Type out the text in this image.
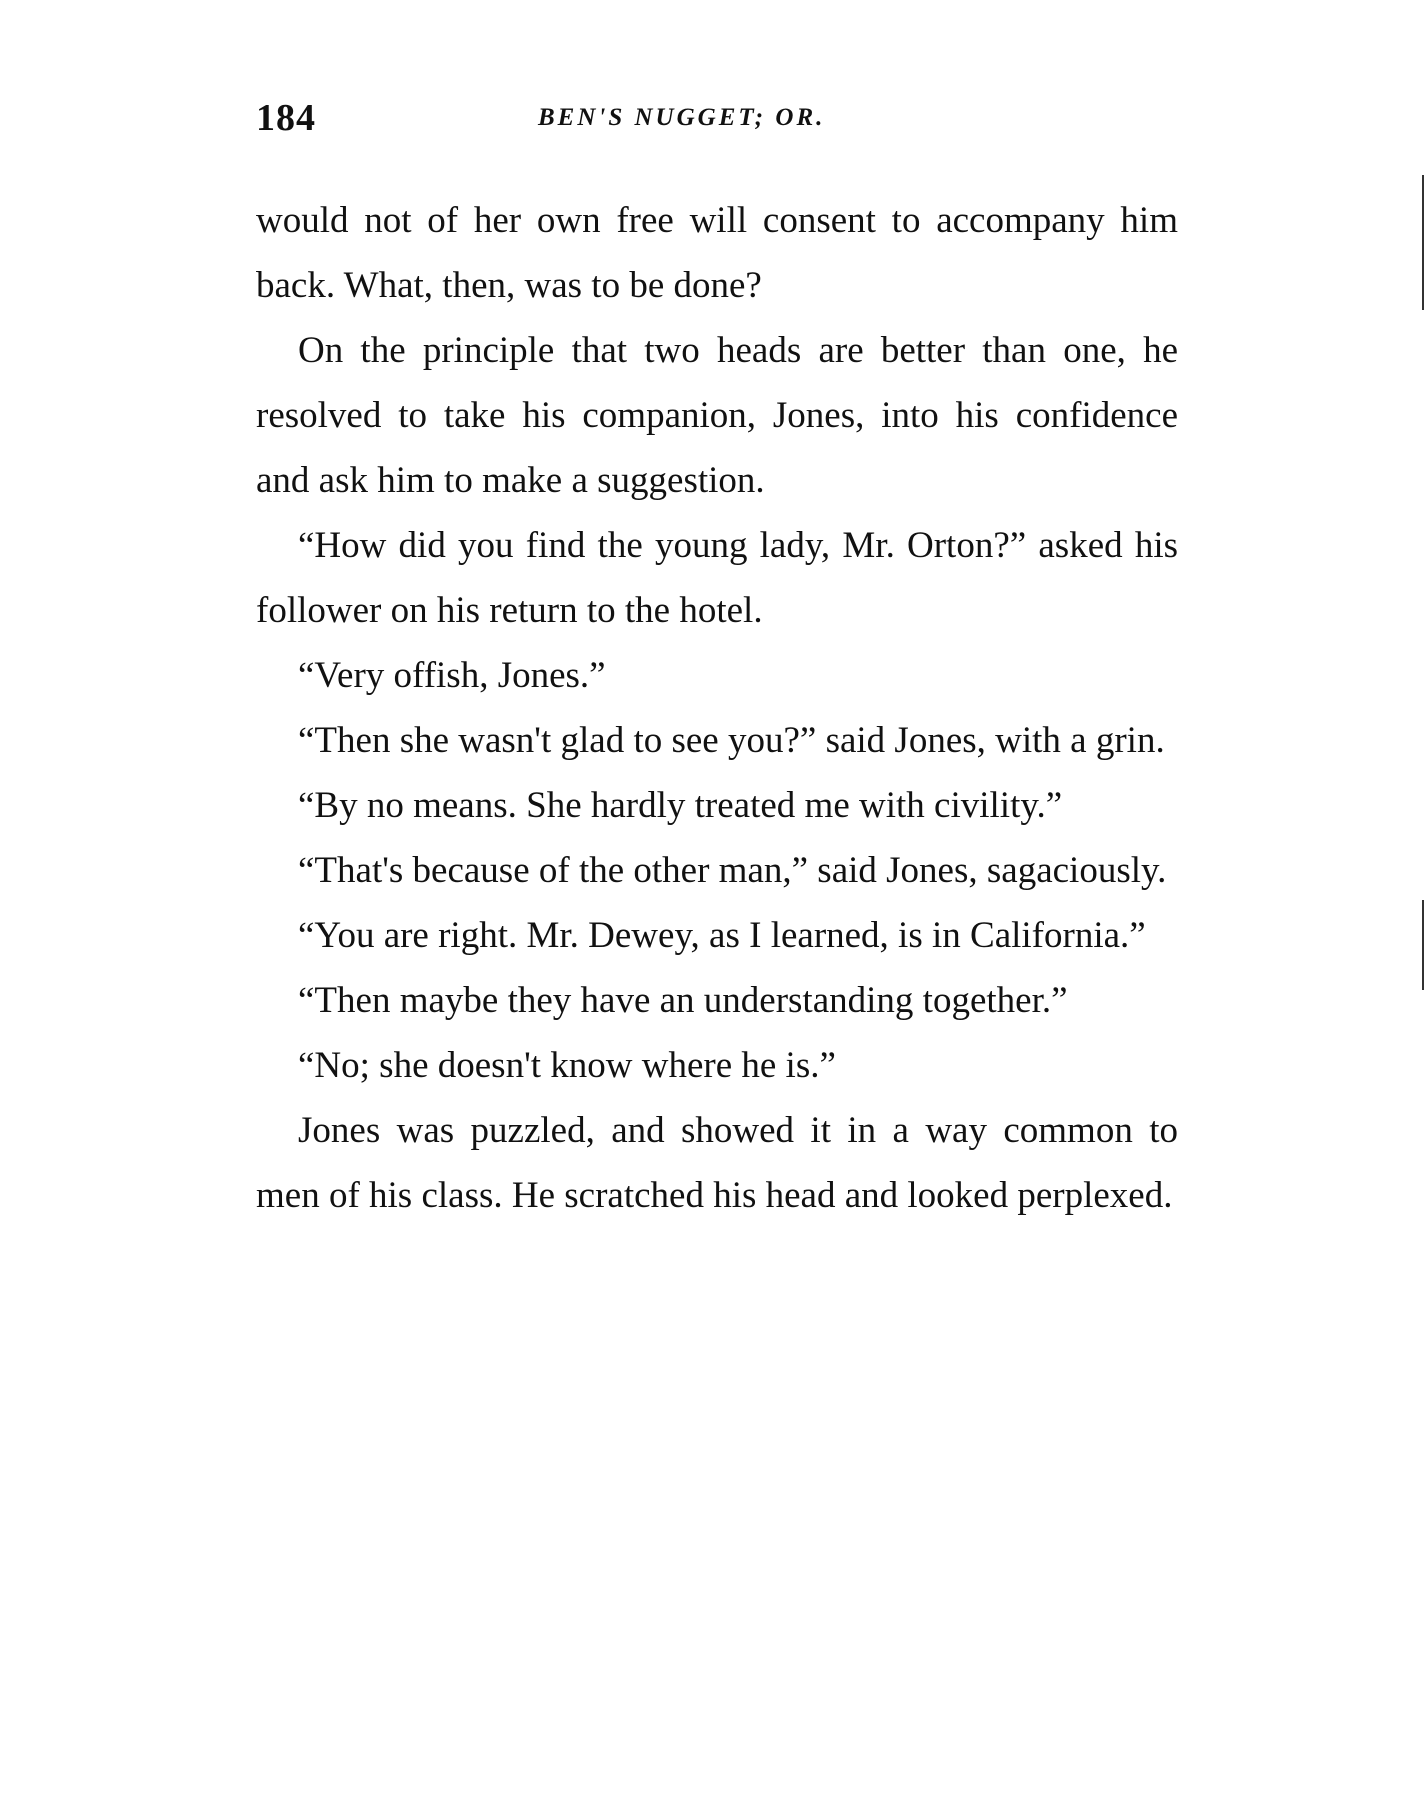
184	BEN'S NUGGET; OR.

would not of her own free will consent to accompany him back. What, then, was to be done?

On the principle that two heads are better than one, he resolved to take his companion, Jones, into his confidence and ask him to make a suggestion.

“How did you find the young lady, Mr. Orton?” asked his follower on his return to the hotel.

“Very offish, Jones.”

“Then she wasn't glad to see you?” said Jones, with a grin.

“By no means. She hardly treated me with civility.”

“That's because of the other man,” said Jones, sagaciously.

“You are right. Mr. Dewey, as I learned, is in California.”

“Then maybe they have an understanding together.”

“No; she doesn't know where he is.”

Jones was puzzled, and showed it in a way common to men of his class. He scratched his head and looked perplexed.
